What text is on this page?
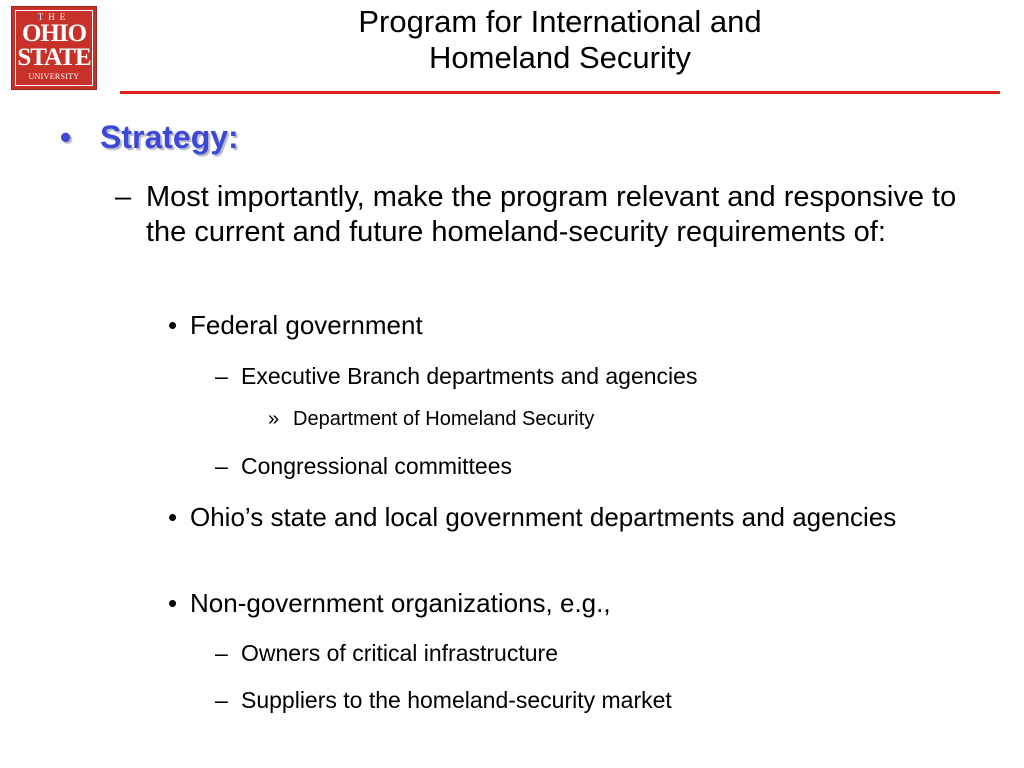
THE
OHIO
STATE
UNIVERSITY
Program for International and
Homeland Security
• Strategy:
– Most importantly, make the program relevant and responsive to the current and future homeland-security requirements of:
• Federal government
– Executive Branch departments and agencies
» Department of Homeland Security
– Congressional committees
• Ohio’s state and local government departments and agencies
• Non-government organizations, e.g.,
– Owners of critical infrastructure
– Suppliers to the homeland-security market
